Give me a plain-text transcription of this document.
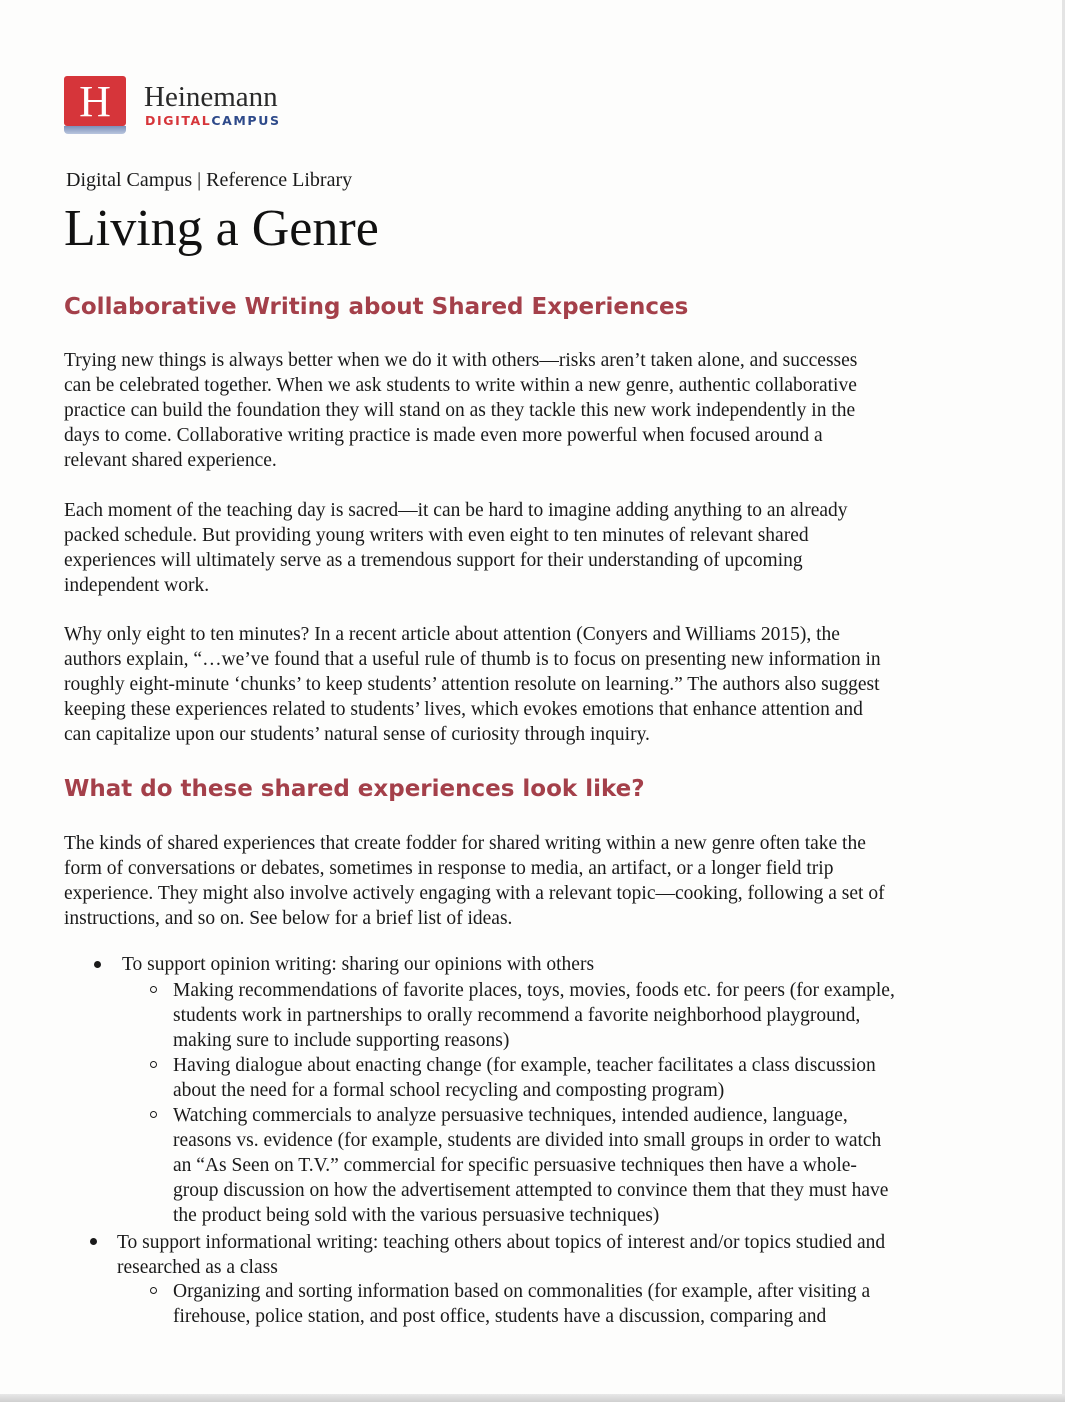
H	Heinemann
DIGITALCAMPUS
Digital Campus | Reference Library
Living a Genre
Collaborative Writing about Shared Experiences

Trying new things is always better when we do it with others—risks aren’t taken alone, and successes

can be celebrated together. When we ask students to write within a new genre, authentic collaborative

practice can build the foundation they will stand on as they tackle this new work independently in the

days to come. Collaborative writing practice is made even more powerful when focused around a

relevant shared experience.

Each moment of the teaching day is sacred—it can be hard to imagine adding anything to an already

packed schedule. But providing young writers with even eight to ten minutes of relevant shared

experiences will ultimately serve as a tremendous support for their understanding of upcoming

independent work.

Why only eight to ten minutes? In a recent article about attention (Conyers and Williams 2015), the

authors explain, “…we’ve found that a useful rule of thumb is to focus on presenting new information in

roughly eight-minute ‘chunks’ to keep students’ attention resolute on learning.” The authors also suggest

keeping these experiences related to students’ lives, which evokes emotions that enhance attention and

can capitalize upon our students’ natural sense of curiosity through inquiry.

What do these shared experiences look like?

The kinds of shared experiences that create fodder for shared writing within a new genre often take the

form of conversations or debates, sometimes in response to media, an artifact, or a longer field trip

experience. They might also involve actively engaging with a relevant topic—cooking, following a set of

instructions, and so on. See below for a brief list of ideas.

To support opinion writing: sharing our opinions with others
Making recommendations of favorite places, toys, movies, foods etc. for peers (for example,
students work in partnerships to orally recommend a favorite neighborhood playground,
making sure to include supporting reasons)
Having dialogue about enacting change (for example, teacher facilitates a class discussion
about the need for a formal school recycling and composting program)
Watching commercials to analyze persuasive techniques, intended audience, language,
reasons vs. evidence (for example, students are divided into small groups in order to watch
an “As Seen on T.V.” commercial for specific persuasive techniques then have a whole-
group discussion on how the advertisement attempted to convince them that they must have
the product being sold with the various persuasive techniques)
To support informational writing: teaching others about topics of interest and/or topics studied and
researched as a class
Organizing and sorting information based on commonalities (for example, after visiting a
firehouse, police station, and post office, students have a discussion, comparing and
